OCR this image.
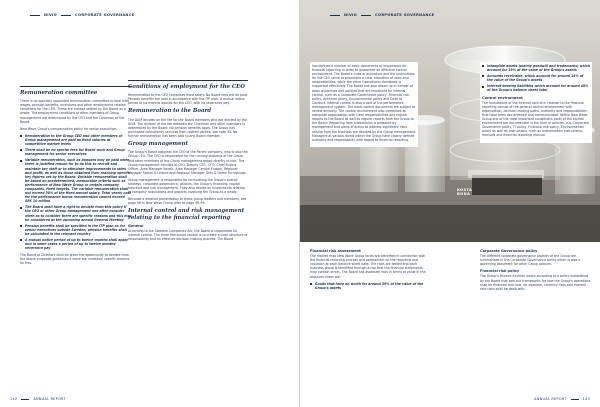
NIVIO	CORPORATE GOVERNANCE
Remuneration committee

There is no specially appointed remuneration committee to deal with wages, pension benefits, incentives and other employment related conditions for the CEO. These are instead settled by the Board as a whole. The employment conditions of other members of Group management are determined by the CEO and the Chairman of the Board.

New Wave Group's compensation policy for senior executives

Remuneration to the Group CEO and other members of Group management are paid as fixed salaries at competitive market levels
There shall be no special fees for Board work and Group management for senior executives
Variable remuneration, such as bonuses may be paid when there is justified reason for to do this to recruit and maintain key staff or to stimulate improvements to sales and profit, as well as those obtained from reaching specific key figures set by the Board. Variable remuneration shall be based on predetermined, measurable criteria such as performance of New Wave Group or certain company companies, fixed targets. The variable remuneration shall not exceed 50% of the fixed annual salary. Total yearly cost for the performance bonus remuneration cannot exceed SEK 10 million
The Board shall have a right to deviate from this policy if the CEO or other Group management one after consider when as to consider there are specific reasons and this may be considered at the upcoming annual General Meeting
Pension benefits shall be specified in the ITP plan or, for senior executives outside Sweden, pension benefits shall be calculated in the relevant country
A mutual notice period of up to twelve months shall apply and in some cases a period of up to twelve months' severance pay

The Board of Directors shall be given the opportunity to deviate from the above proposed guidelines if there are individual specific reasons for this.

Conditions of employment for the CEO

Remuneration to the CEO comprises fixed salary. No Board fees will be paid. Pension benefits are paid in accordance with the ITP plan. A mutual notice period of six months applies for the CEO, with no severance pay.

Remuneration to the Board

The AGM decides on the fee for the Board members who are elected by the AGM. The division of the fee between the Chairman and other members is determined by the Board. No pension benefits apply. The Group has purchased consultancy services from related parties, see note 33. No further remuneration has been paid to any Board member.

Group management

The Group's Board appoints the CEO of the Parent company, who is also the Group CEO. The CEO is responsible for the running business of the Group and other members of the Group management report directly to him. The Group management consists of CEO, Deputy CEO, CFO, Chief Buying Officer, Area Manager Nordic, Area Manager Central Europe, Regional Manager Sports & Leisure and Regional Manager Gifts & Home Furnishings.

Group management is responsible for formulating the Group's overall strategy, corporate governance, policies, the Group's financing, capital structure and risk management. They also decide on investments relating to company acquisitions and projects involving the Group as a whole.

Because a detailed presentation of these group matters and members, see page 98 in New Wave Group refer to page 98-99.

Internal control and risk management relating to the financial reporting
General

According to the Swedish Companies Act, the Board is responsible for internal control. The more fine-tuned control is to create a clear structure of responsibility and an effective decision-making process. The Board

142	ANNUAL REPORT
KOSTA
BODA
NIVIO	CORPORATE GOVERNANCE

has defined a number of basic documents of importance for financial reporting in order to guarantee an effective control environment. The Board's rules of procedure and the instructions for the CEO serve to guarantee a clear allocation of roles and responsibilities, while the other Operational Handbook is supported effectively. The Board has also drawn up a number of basic guidelines and policies that are important for internal control, such as a Corporate Governance policy, Financial risk policy, Antitrust policy, Environmental policy and Code of Conduct. Internal control is also a part of the performance management system. The basic control documents are subject to review annually. The control environment also comprises an adequate organization with clear responsibilities and regular reports to the Board as well as regular reports from the Group to the Board. Reporting from subsidiaries is prepared by management and plans of action to address significant risks arising from the business are decided by the Group management. Managers at various levels within the Group have clearly defined authority and responsibility with regard to financial reporting.

Financial risk assessment

The market risks New Wave Group faces are identified in connection with the financial reporting process and assessment on the reporting and valuation at each balance sheet date. The risks are tested and each business group is identified through a risk that the financial statements may contain errors. The Board has assessed risks in terms of value in the balances sheet are:

Goods that have an worth for around 39% of the value of the Group's assets
Intangible assets (mainly goodwill and trademarks) which account for 19% of the value of the Group's assets
Accounts receivable, which account for around 14% of the value of the Group's assets
Interest-bearing liabilities which account for around 40% of the Group's balance sheet total
Control environment

The foundations of the internal control in relation to the financial reporting consist of the general control environment with organization, decision-making paths, authority and responsibilities that have been documented and communicated. Within New Wave Group one of the most important constituent parts of the control environment are documented in the form of policies, e.g. Corporate Governance policy, IT policy, Financial risk policy, Environmental policy as well as instructions, such as authorization instructions, manuals and financial reporting manual.

Corporate Governance policy

The different corporate governance aspects of the Group are summarised in the Corporate Governance policy which is also a governing document for other Group policies.

Financial risk policy

The Group's finance function works according to a policy established by the Board that sets out frameworks for how the Group's operations shall be financed and how, for example, currency risks and interest rate risks shall be dealt with.

ANNUAL REPORT	143
